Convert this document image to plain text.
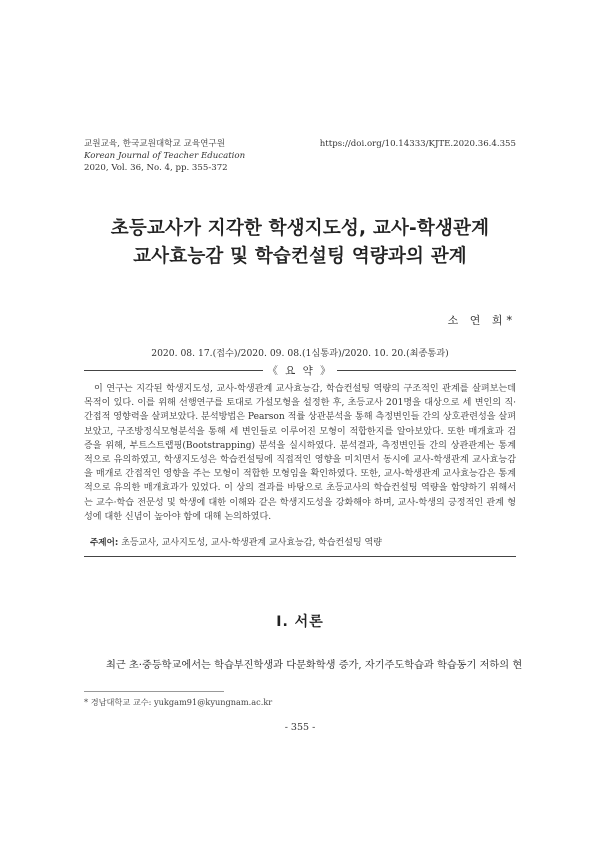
교원교육, 한국교원대학교 교육연구원
Korean Journal of Teacher Education
2020, Vol. 36, No. 4, pp. 355-372
https://doi.org/10.14333/KJTE.2020.36.4.355
초등교사가 지각한 학생지도성, 교사-학생관계
교사효능감 및 학습컨설팅 역량과의 관계
소 연 희*
2020. 08. 17.(접수)/2020. 09. 08.(1심통과)/2020. 10. 20.(최종통과)
《 요 약 》
이 연구는 지각된 학생지도성, 교사-학생관계 교사효능감, 학습컨설팅 역량의 구조적인 관계를 살펴보는데 목적이 있다. 이를 위해 선행연구를 토대로 가설모형을 설정한 후, 초등교사 201명을 대상으로 세 변인의 직·간접적 영향력을 살펴보았다. 분석방법은 Pearson 적률 상관분석을 통해 측정변인들 간의 상호관련성을 살펴보았고, 구조방정식모형분석을 통해 세 변인들로 이루어진 모형이 적합한지를 알아보았다. 또한 매개효과 검증을 위해, 부트스트랩핑(Bootstrapping) 분석을 실시하였다. 분석결과, 측정변인들 간의 상관관계는 통계적으로 유의하였고, 학생지도성은 학습컨설팅에 직접적인 영향을 미치면서 동시에 교사-학생관계 교사효능감을 매개로 간접적인 영향을 주는 모형이 적합한 모형임을 확인하였다. 또한, 교사-학생관계 교사효능감은 통계적으로 유의한 매개효과가 있었다. 이 상의 결과를 바탕으로 초등교사의 학습컨설팅 역량을 함양하기 위해서는 교수·학습 전문성 및 학생에 대한 이해와 같은 학생지도성을 강화해야 하며, 교사-학생의 긍정적인 관계 형성에 대한 신념이 높아야 함에 대해 논의하였다.
주제어: 초등교사, 교사지도성, 교사-학생관계 교사효능감, 학습컨설팅 역량
Ⅰ. 서론
최근 초·중등학교에서는 학습부진학생과 다문화학생 증가, 자기주도학습과 학습동기 저하의 현
* 경남대학교 교수: yukgam91@kyungnam.ac.kr
- 355 -
